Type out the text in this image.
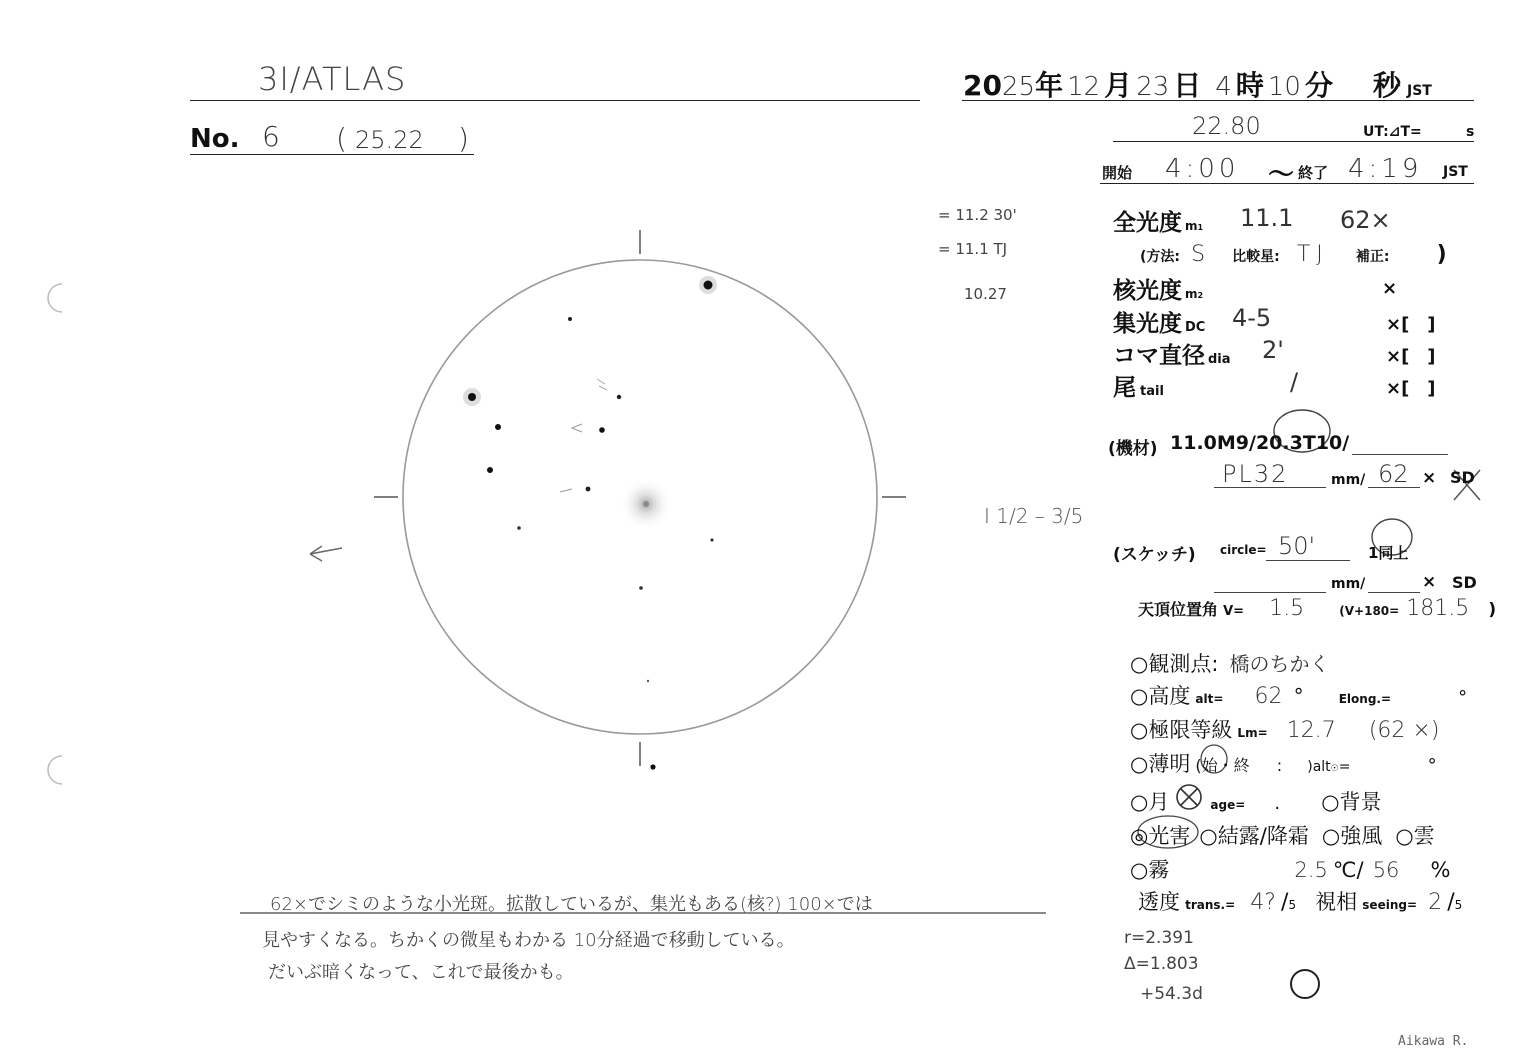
3I/ATLAS
No. 6 ( 25.22 )
2025年 12 月 23 日 4 時 10 分 秒 JST
22.80	UT:⊿T=	s
開始 4:00 〜 終了 4:19 JST
= 11.2 30'
= 11.1 TJ
10.27
I 1/2 – 3/5
全光度 m1 11.1 62×
(方法: S 比較星: TJ 補正: )
核光度 m2	×
集光度 DC 4-5	×[　]
コマ直径 dia 2'	×[　]
尾tail	/	×[　]
(機材) 11.0M9/20.3T10/
PL32	mm/ 62 × SD
(スケッチ) circle= 50'	1同上
mm/	× SD
天頂位置角 V= 1.5	(V+180= 181.5 )
○観測点: 橋のちかく
○高度 alt= 62 °	Elong.=	°
○極限等級 Lm= 12.7 (62 ×)
○薄明 (始・終 : )alt☉=	°
○月	age= . ○背景
◎光害 ○結露/降霜 ○強風 ○雲
○霧	2.5 ℃/ 56 %
透度 trans.= 4? /5 視相 seeing= 2 /5
r=2.391
Δ=1.803
+54.3d
62×でシミのような小光斑。拡散しているが、集光もある(核?) 100×では
見やすくなる。ちかくの微星もわかる 10分経過で移動している。
だいぶ暗くなって、これで最後かも。
Aikawa R.
